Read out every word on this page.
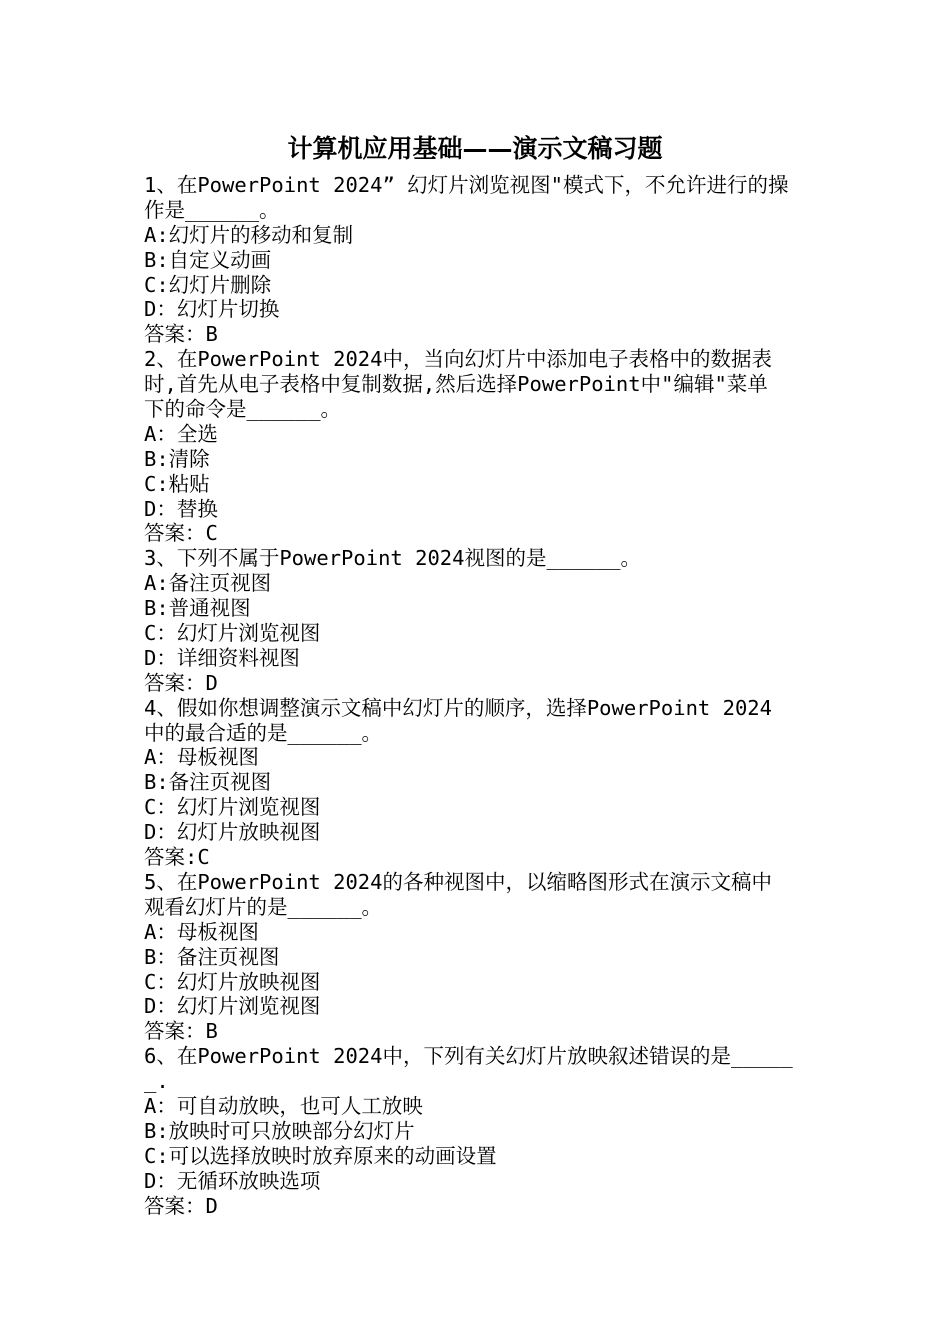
计算机应用基础——演示文稿习题
1、在PowerPoint 2024” 幻灯片浏览视图"模式下，不允许进行的操
作是______。
A:幻灯片的移动和复制
B:自定义动画
C:幻灯片删除
D：幻灯片切换
答案：B
2、在PowerPoint 2024中，当向幻灯片中添加电子表格中的数据表
时,首先从电子表格中复制数据,然后选择PowerPoint中"编辑"菜单
下的命令是______。
A：全选
B:清除
C:粘贴
D：替换
答案：C
3、下列不属于PowerPoint 2024视图的是______。
A:备注页视图
B:普通视图
C：幻灯片浏览视图
D：详细资料视图
答案：D
4、假如你想调整演示文稿中幻灯片的顺序，选择PowerPoint 2024
中的最合适的是______。
A：母板视图
B:备注页视图
C：幻灯片浏览视图
D：幻灯片放映视图
答案:C
5、在PowerPoint 2024的各种视图中，以缩略图形式在演示文稿中
观看幻灯片的是______。
A：母板视图
B：备注页视图
C：幻灯片放映视图
D：幻灯片浏览视图
答案：B
6、在PowerPoint 2024中，下列有关幻灯片放映叙述错误的是_____
_.
A：可自动放映，也可人工放映
B:放映时可只放映部分幻灯片
C:可以选择放映时放弃原来的动画设置
D：无循环放映选项
答案：D
